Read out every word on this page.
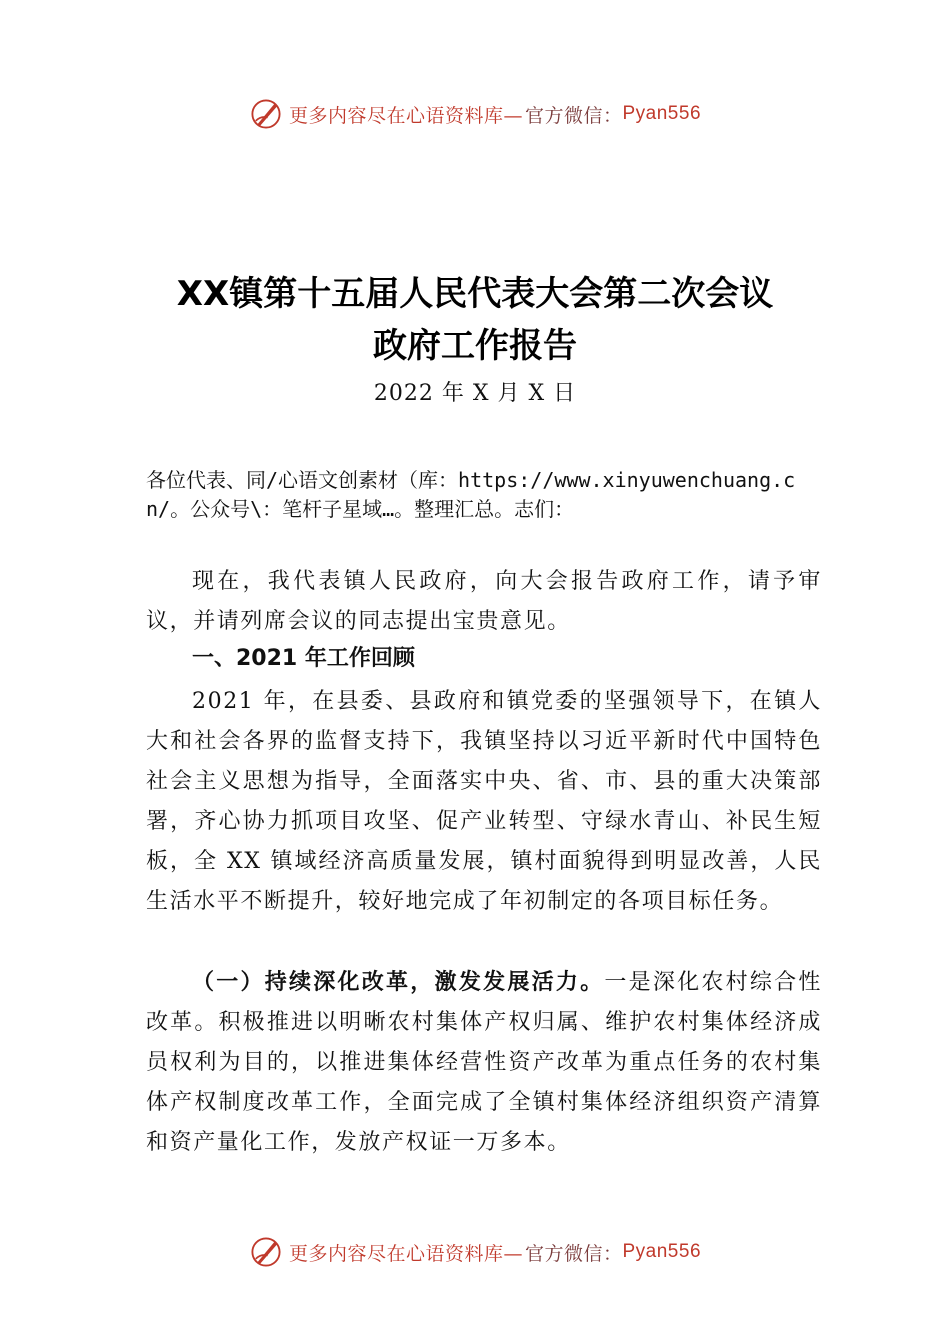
更多内容尽在心语资料库— 官方微信： Pyan556
XX镇第十五届人民代表大会第二次会议
政府工作报告
2022 年 X 月 X 日

各位代表、同/心语文创素材（库：https://www.xinyuwenchuang.cn/。公众号\：笔杆子星域…。整理汇总。志们：

现在，我代表镇人民政府，向大会报告政府工作，请予审议，并请列席会议的同志提出宝贵意见。

一、2021 年工作回顾

2021 年，在县委、县政府和镇党委的坚强领导下，在镇人大和社会各界的监督支持下，我镇坚持以习近平新时代中国特色社会主义思想为指导，全面落实中央、省、市、县的重大决策部署，齐心协力抓项目攻坚、促产业转型、守绿水青山、补民生短板，全 XX 镇域经济高质量发展，镇村面貌得到明显改善，人民生活水平不断提升，较好地完成了年初制定的各项目标任务。

（一）持续深化改革，激发发展活力。一是深化农村综合性改革。积极推进以明晰农村集体产权归属、维护农村集体经济成员权利为目的，以推进集体经营性资产改革为重点任务的农村集体产权制度改革工作，全面完成了全镇村集体经济组织资产清算和资产量化工作，发放产权证一万多本。

更多内容尽在心语资料库— 官方微信： Pyan556
